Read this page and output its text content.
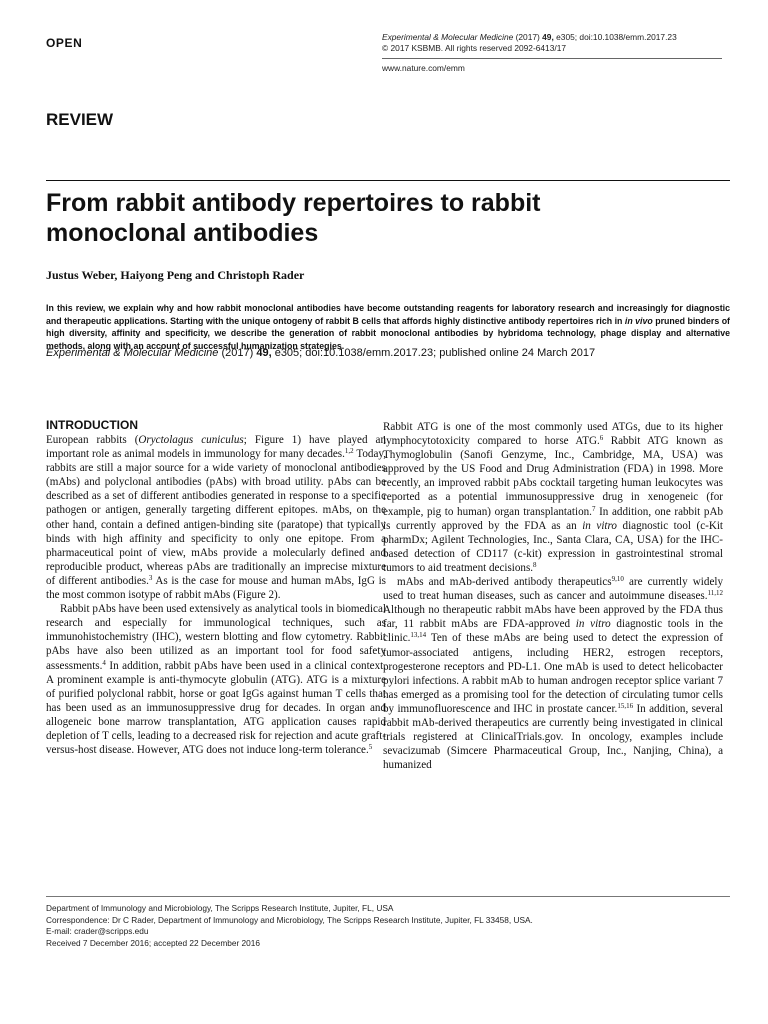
OPEN	Experimental & Molecular Medicine (2017) 49, e305; doi:10.1038/emm.2017.23
© 2017 KSBMB. All rights reserved 2092-6413/17
www.nature.com/emm
REVIEW
From rabbit antibody repertoires to rabbit monoclonal antibodies
Justus Weber, Haiyong Peng and Christoph Rader

In this review, we explain why and how rabbit monoclonal antibodies have become outstanding reagents for laboratory research and increasingly for diagnostic and therapeutic applications. Starting with the unique ontogeny of rabbit B cells that affords highly distinctive antibody repertoires rich in in vivo pruned binders of high diversity, affinity and specificity, we describe the generation of rabbit monoclonal antibodies by hybridoma technology, phage display and alternative methods, along with an account of successful humanization strategies.

Experimental & Molecular Medicine (2017) 49, e305; doi:10.1038/emm.2017.23; published online 24 March 2017
INTRODUCTION

European rabbits (Oryctolagus cuniculus; Figure 1) have played an important role as animal models in immunology for many decades.$^{1,2}$ Today, rabbits are still a major source for a wide variety of monoclonal antibodies (mAbs) and polyclonal antibodies (pAbs) with broad utility. pAbs can be described as a set of different antibodies generated in response to a specific pathogen or antigen, generally targeting different epitopes. mAbs, on the other hand, contain a defined antigen-binding site (paratope) that typically binds with high affinity and specificity to only one epitope. From a pharmaceutical point of view, mAbs provide a molecularly defined and reproducible product, whereas pAbs are traditionally an imprecise mixture of different antibodies.$^3$ As is the case for mouse and human mAbs, IgG is the most common isotype of rabbit mAbs (Figure 2).

Rabbit pAbs have been used extensively as analytical tools in biomedical research and especially for immunological techniques, such as immunohistochemistry (IHC), western blotting and flow cytometry. Rabbit pAbs have also been utilized as an important tool for food safety assessments.$^4$ In addition, rabbit pAbs have been used in a clinical context. A prominent example is anti-thymocyte globulin (ATG). ATG is a mixture of purified polyclonal rabbit, horse or goat IgGs against human T cells that has been used as an immunosuppressive drug for decades. In organ and allogeneic bone marrow transplantation, ATG application causes rapid depletion of T cells, leading to a decreased risk for rejection and acute graft-versus-host disease. However, ATG does not induce long-term tolerance.$^5$

Rabbit ATG is one of the most commonly used ATGs, due to its higher lymphocytotoxicity compared to horse ATG.$^6$ Rabbit ATG known as Thymoglobulin (Sanofi Genzyme, Inc., Cambridge, MA, USA) was approved by the US Food and Drug Administration (FDA) in 1998. More recently, an improved rabbit pAbs cocktail targeting human leukocytes was reported as a potential immunosuppressive drug in xenogeneic (for example, pig to human) organ transplantation.$^7$ In addition, one rabbit pAb is currently approved by the FDA as an in vitro diagnostic tool (c-Kit pharmDx; Agilent Technologies, Inc., Santa Clara, CA, USA) for the IHC-based detection of CD117 (c-kit) expression in gastrointestinal stromal tumors to aid treatment decisions.$^8$

mAbs and mAb-derived antibody therapeutics$^{9,10}$ are currently widely used to treat human diseases, such as cancer and autoimmune diseases.$^{11,12}$ Although no therapeutic rabbit mAbs have been approved by the FDA thus far, 11 rabbit mAbs are FDA-approved in vitro diagnostic tools in the clinic.$^{13,14}$ Ten of these mAbs are being used to detect the expression of tumor-associated antigens, including HER2, estrogen receptors, progesterone receptors and PD-L1. One mAb is used to detect helicobacter pylori infections. A rabbit mAb to human androgen receptor splice variant 7 has emerged as a promising tool for the detection of circulating tumor cells by immunofluorescence and IHC in prostate cancer.$^{15,16}$ In addition, several rabbit mAb-derived therapeutics are currently being investigated in clinical trials registered at ClinicalTrials.gov. In oncology, examples include sevacizumab (Simcere Pharmaceutical Group, Inc., Nanjing, China), a humanized

Department of Immunology and Microbiology, The Scripps Research Institute, Jupiter, FL, USA
Correspondence: Dr C Rader, Department of Immunology and Microbiology, The Scripps Research Institute, Jupiter, FL 33458, USA.
E-mail: crader@scripps.edu
Received 7 December 2016; accepted 22 December 2016
